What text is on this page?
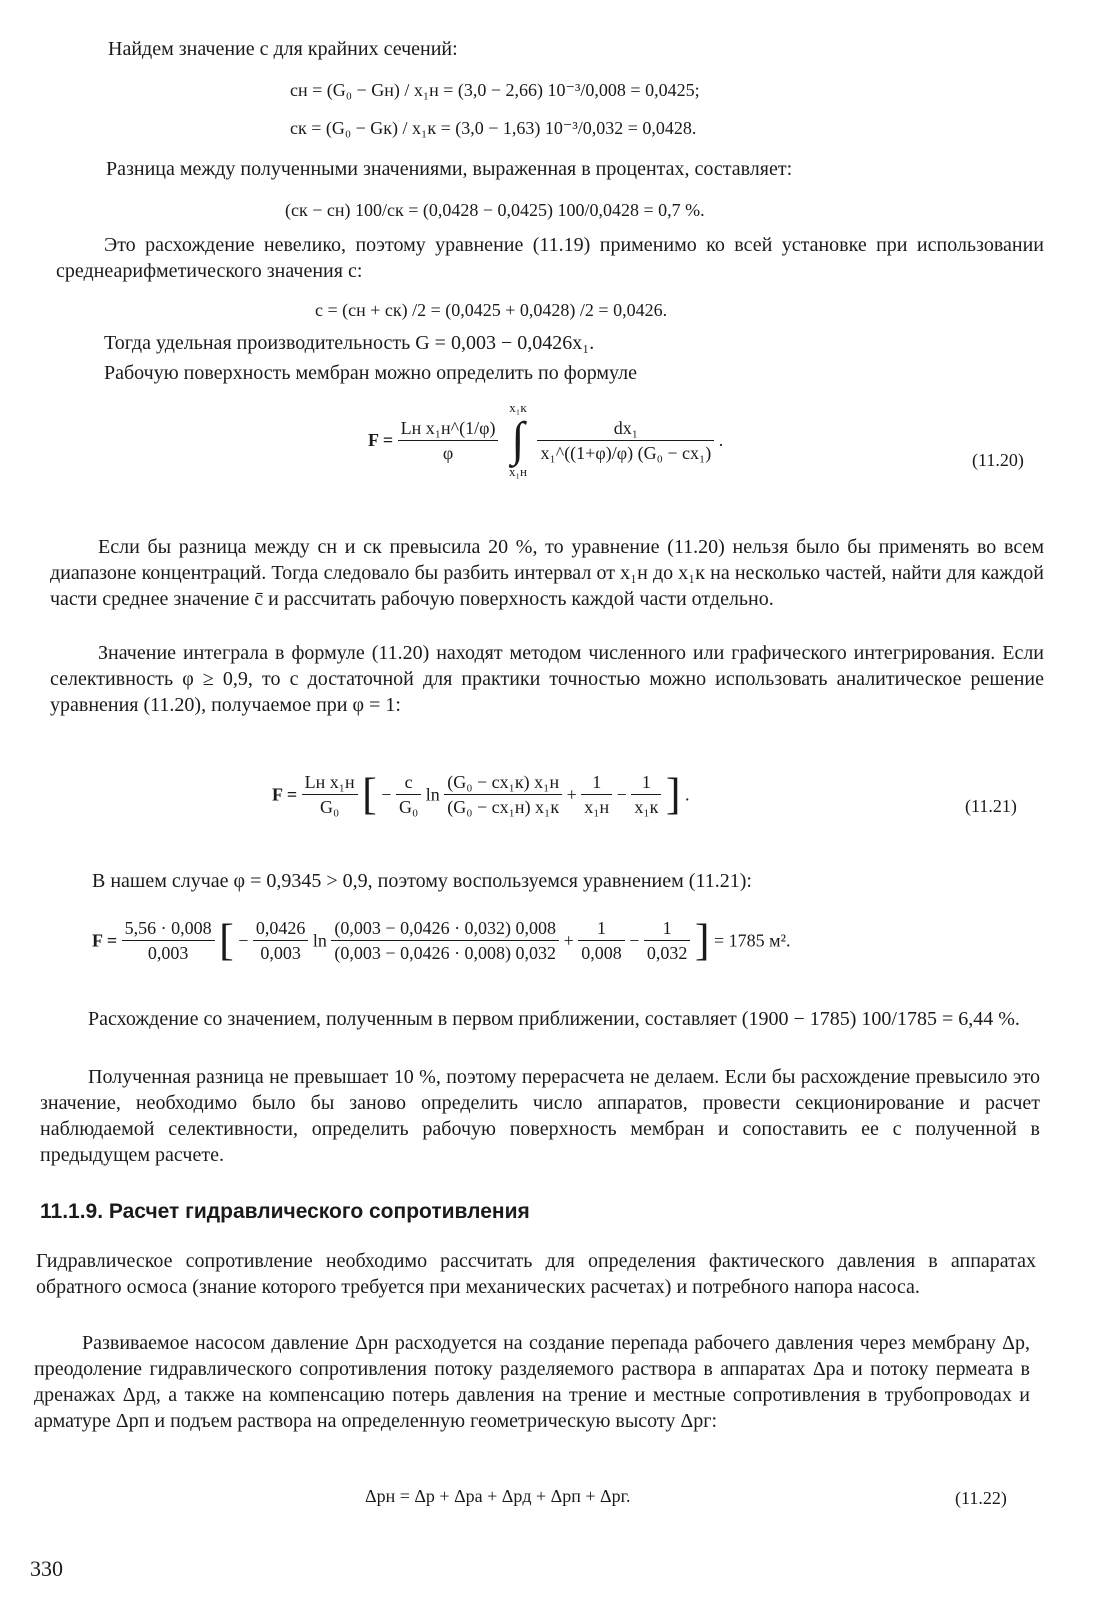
Найдем значение c для крайних сечений:
cн = (G₀ − Gн) / x₁н = (3,0 − 2,66) 10⁻³/0,008 = 0,0425;
cк = (G₀ − Gк) / x₁к = (3,0 − 1,63) 10⁻³/0,032 = 0,0428.
Разница между полученными значениями, выраженная в процентах, составляет:
(cк − cн) 100/cк = (0,0428 − 0,0425) 100/0,0428 = 0,7 %.
Это расхождение невелико, поэтому уравнение (11.19) применимо ко всей установке при использовании среднеарифметического значения c:
c = (cн + cк) /2 = (0,0425 + 0,0428) /2 = 0,0426.
Тогда удельная производительность G = 0,003 − 0,0426x₁.
Рабочую поверхность мембран можно определить по формуле
$F = \frac{\text{Lн x₁н\textasciicircum{}(1/φ)}}{\varphi}$

x₁к
∫
x₁н

$\frac{\text{dx₁}}{\text{x₁\textasciicircum{}((1+φ)/φ) (G₀ − cx₁)}}$ .
(11.20)
Если бы разница между cн и cк превысила 20 %, то уравнение (11.20) нельзя было бы применять во всем диапазоне концентраций. Тогда следовало бы разбить интервал от x₁н до x₁к на несколько частей, найти для каждой части среднее значение c̄ и рассчитать рабочую поверхность каждой части отдельно.
Значение интеграла в формуле (11.20) находят методом численного или графического интегрирования. Если селективность φ ≥ 0,9, то с достаточной для практики точностью можно использовать аналитическое решение уравнения (11.20), получаемое при φ = 1:
$F = \frac{\text{Lн x₁н}}{\text{G₀}}$ [ − $\frac{c}{\text{G₀}}$ $\ln \frac{\text{(G₀ − cx₁к) x₁н}}{\text{(G₀ − cx₁н) x₁к}} + \frac{1}{\text{x₁н}} - \frac{1}{\text{x₁к}}$ ] .
(11.21)
В нашем случае φ = 0,9345 > 0,9, поэтому воспользуемся уравнением (11.21):
$F = \frac{5,56 \cdot 0,008}{0,003}$ [ − $\frac{0,0426}{0,003}$ $\ln \frac{(0,003 - 0,0426 \cdot 0,032) 0,008}{(0,003 - 0,0426 \cdot 0,008) 0,032} + \frac{1}{0,008} - \frac{1}{0,032}$ ] = 1785 м².
Расхождение со значением, полученным в первом приближении, составляет (1900 − 1785) 100/1785 = 6,44 %.
Полученная разница не превышает 10 %, поэтому перерасчета не делаем. Если бы расхождение превысило это значение, необходимо было бы заново определить число аппаратов, провести секционирование и расчет наблюдаемой селективности, определить рабочую поверхность мембран и сопоставить ее с полученной в предыдущем расчете.
11.1.9. Расчет гидравлического сопротивления
Гидравлическое сопротивление необходимо рассчитать для определения фактического давления в аппаратах обратного осмоса (знание которого требуется при механических расчетах) и потребного напора насоса.
Развиваемое насосом давление Δpн расходуется на создание перепада рабочего давления через мембрану Δp, преодоление гидравлического сопротивления потоку разделяемого раствора в аппаратах Δpа и потоку пермеата в дренажах Δpд, а также на компенсацию потерь давления на трение и местные сопротивления в трубопроводах и арматуре Δpп и подъем раствора на определенную геометрическую высоту Δpг:
Δpн = Δp + Δpа + Δpд + Δpп + Δpг.	(11.22)
330
